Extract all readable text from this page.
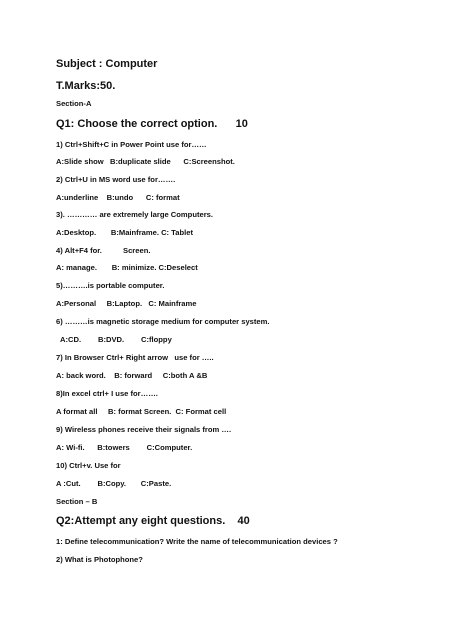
Subject : Computer
T.Marks:50.
Section-A
Q1: Choose the correct option.      10
1) Ctrl+Shift+C in Power Point use for……
A:Slide show   B:duplicate slide      C:Screenshot.
2) Ctrl+U in MS word use for…….
A:underline    B:undo      C: format
3). ………… are extremely large Computers.
A:Desktop.       B:Mainframe. C: Tablet
4) Alt+F4 for.          Screen.
A: manage.       B: minimize. C:Deselect
5)……….is portable computer.
A:Personal     B:Laptop.   C: Mainframe
6) ………is magnetic storage medium for computer system.
A:CD.        B:DVD.        C:floppy
7) In Browser Ctrl+ Right arrow   use for …..
A: back word.    B: forward     C:both A &B
8)In excel ctrl+ I use for…….
A format all     B: format Screen.  C: Format cell
9) Wireless phones receive their signals from ….
A: Wi-fi.      B:towers        C:Computer.
10) Ctrl+v. Use for
A :Cut.        B:Copy.       C:Paste.
Section – B
Q2:Attempt any eight questions.    40
1: Define telecommunication? Write the name of telecommunication devices ?
2) What is Photophone?
